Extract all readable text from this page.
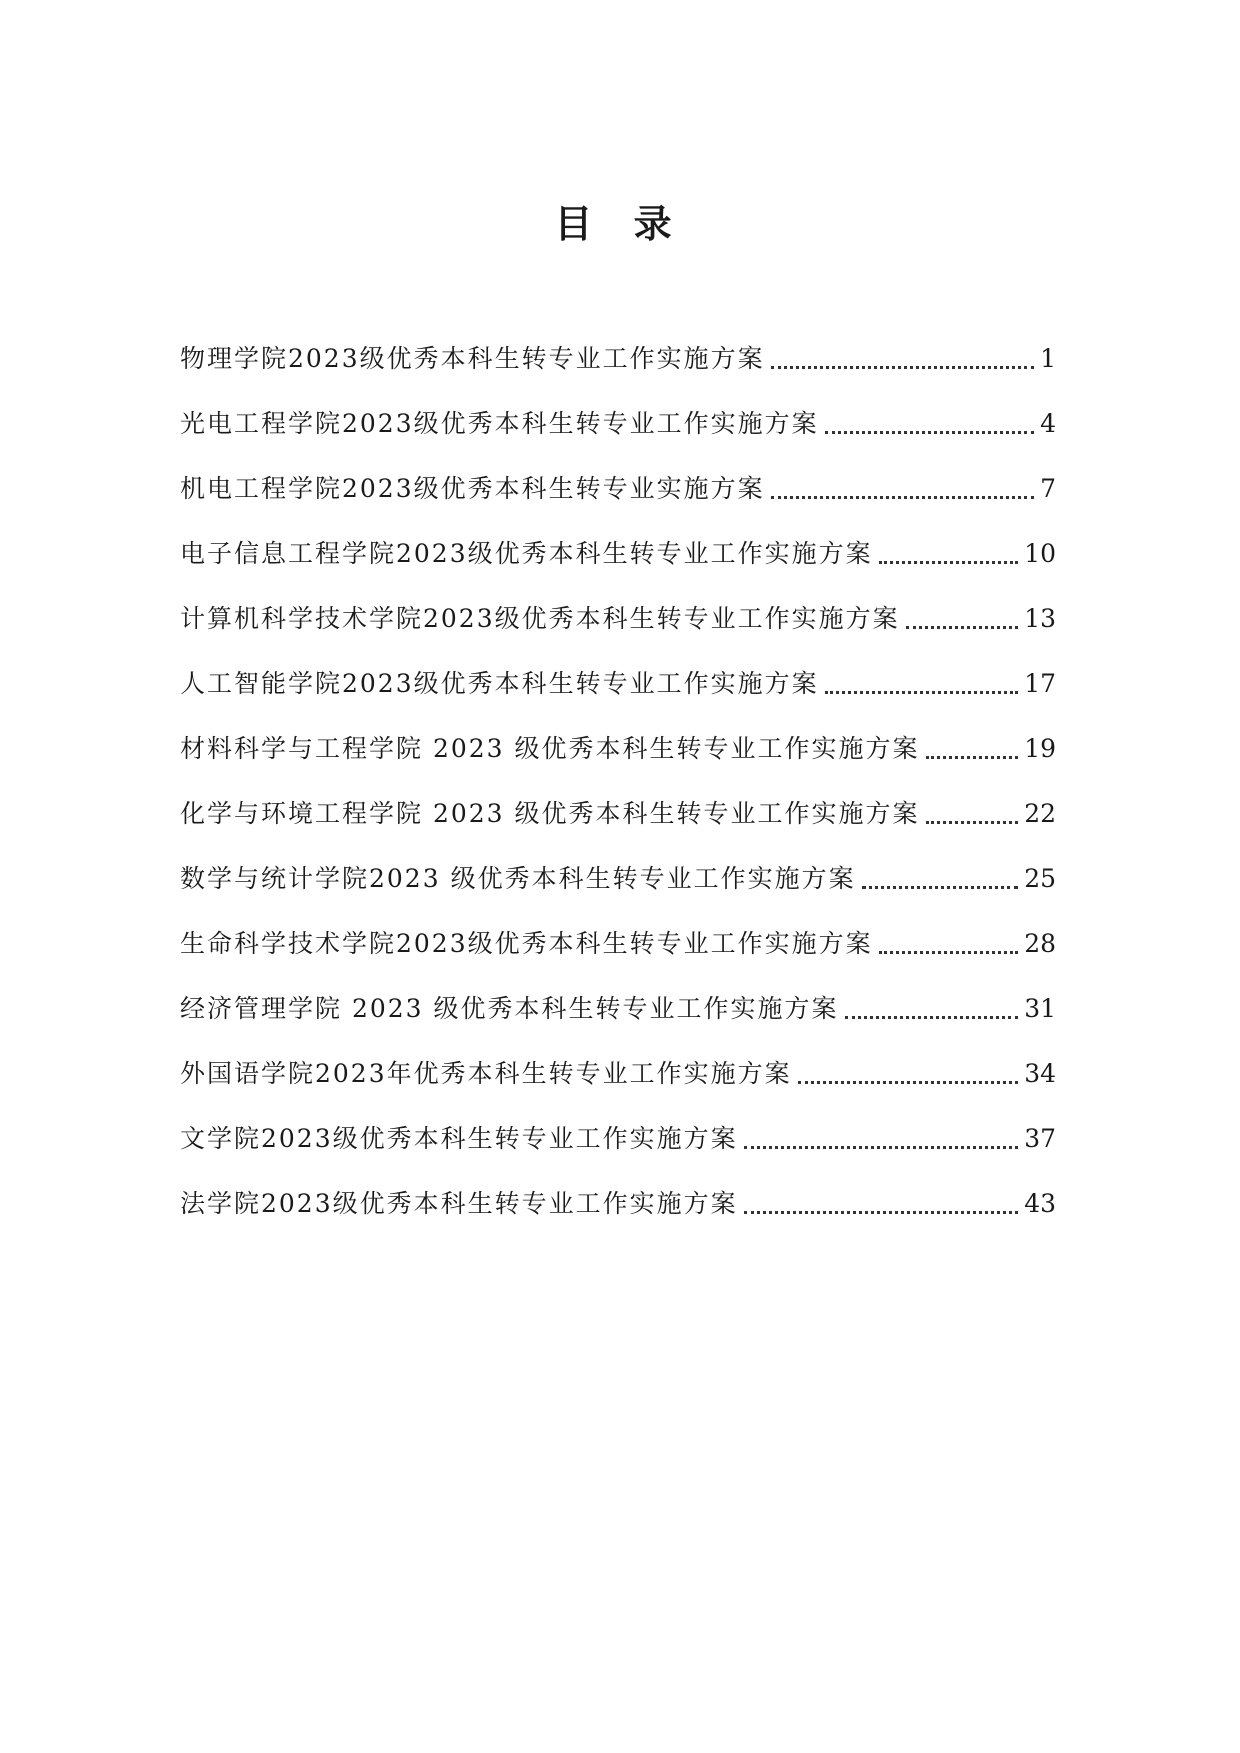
目 录
物理学院2023级优秀本科生转专业工作实施方案	1
光电工程学院2023级优秀本科生转专业工作实施方案	4
机电工程学院2023级优秀本科生转专业实施方案	7
电子信息工程学院2023级优秀本科生转专业工作实施方案	10
计算机科学技术学院2023级优秀本科生转专业工作实施方案	13
人工智能学院2023级优秀本科生转专业工作实施方案	17
材料科学与工程学院 2023 级优秀本科生转专业工作实施方案	19
化学与环境工程学院 2023 级优秀本科生转专业工作实施方案	22
数学与统计学院2023 级优秀本科生转专业工作实施方案	25
生命科学技术学院2023级优秀本科生转专业工作实施方案	28
经济管理学院 2023 级优秀本科生转专业工作实施方案	31
外国语学院2023年优秀本科生转专业工作实施方案	34
文学院2023级优秀本科生转专业工作实施方案	37
法学院2023级优秀本科生转专业工作实施方案	43
